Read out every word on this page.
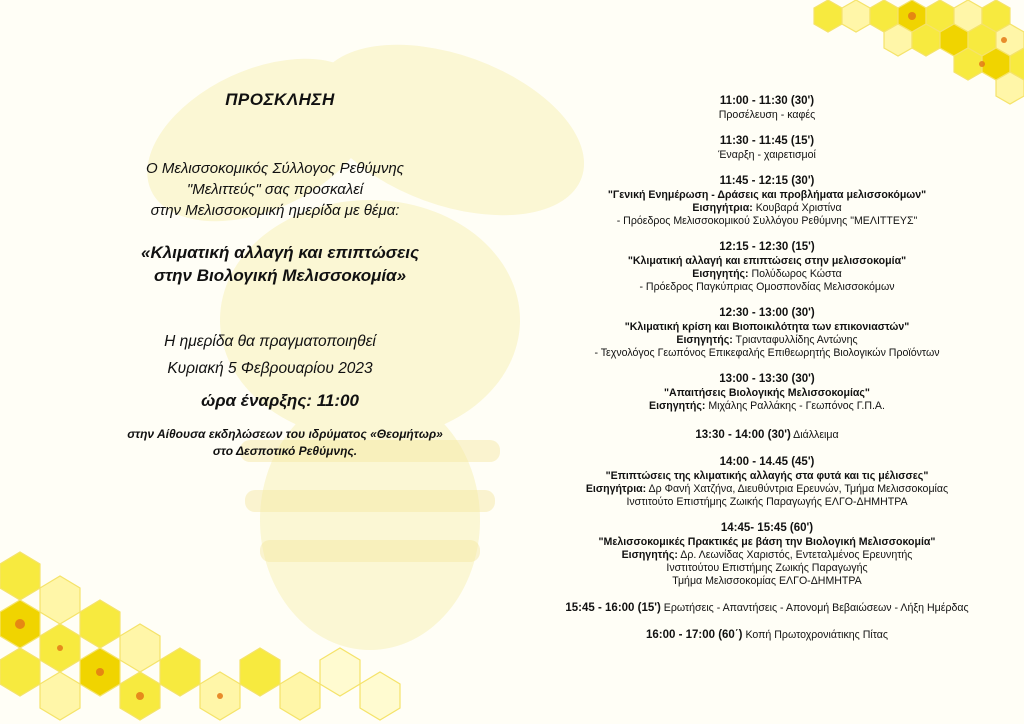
ΠΡΟΣΚΛΗΣΗ
Ο Μελισσοκομικός Σύλλογος Ρεθύμνης
"Μελιττεύς" σας προσκαλεί
στην Μελισσοκομική ημερίδα με θέμα:
«Κλιματική αλλαγή και επιπτώσεις
στην Βιολογική Μελισσοκομία»
Η ημερίδα θα πραγματοποιηθεί
Κυριακή 5 Φεβρουαρίου 2023
ώρα έναρξης: 11:00
στην Αίθουσα εκδηλώσεων του ιδρύματος «Θεομήτωρ»
στο Δεσποτικό Ρεθύμνης.
11:00 - 11:30 (30')
Προσέλευση - καφές
11:30 - 11:45 (15')
Έναρξη - χαιρετισμοί
11:45 - 12:15 (30')
"Γενική Ενημέρωση - Δράσεις και προβλήματα μελισσοκόμων"
Εισηγήτρια: Κουβαρά Χριστίνα
- Πρόεδρος Μελισσοκομικού Συλλόγου Ρεθύμνης "ΜΕΛΙΤΤΕΥΣ"
12:15 - 12:30 (15')
"Κλιματική αλλαγή και επιπτώσεις στην μελισσοκομία"
Εισηγητής: Πολύδωρος Κώστα
- Πρόεδρος Παγκύπριας Ομοσπονδίας Μελισσοκόμων
12:30 - 13:00 (30')
"Κλιματική κρίση και Βιοποικιλότητα των επικονιαστών"
Εισηγητής: Τριανταφυλλίδης Αντώνης
- Τεχνολόγος Γεωπόνος Επικεφαλής Επιθεωρητής Βιολογικών Προϊόντων
13:00 - 13:30 (30')
"Απαιτήσεις Βιολογικής Μελισσοκομίας"
Εισηγητής: Μιχάλης Ραλλάκης - Γεωπόνος Γ.Π.Α.
13:30 - 14:00 (30') Διάλλειμα
14:00 - 14.45 (45')
"Επιπτώσεις της κλιματικής αλλαγής στα φυτά και τις μέλισσες"
Εισηγήτρια: Δρ Φανή Χατζήνα, Διευθύντρια Ερευνών, Τμήμα Μελισσοκομίας
Ινστιτούτο Επιστήμης Ζωικής Παραγωγής ΕΛΓΟ-ΔΗΜΗΤΡΑ
14:45- 15:45 (60')
"Μελισσοκομικές Πρακτικές με βάση την Βιολογική Μελισσοκομία"
Εισηγητής: Δρ. Λεωνίδας Χαριστός, Εντεταλμένος Ερευνητής
Ινστιτούτου Επιστήμης Ζωικής Παραγωγής
Τμήμα Μελισσοκομίας ΕΛΓΟ-ΔΗΜΗΤΡΑ
15:45 - 16:00 (15') Ερωτήσεις - Απαντήσεις - Απονομή Βεβαιώσεων - Λήξη Ημέρδας
16:00 - 17:00 (60΄) Κοπή Πρωτοχρονιάτικης Πίτας
